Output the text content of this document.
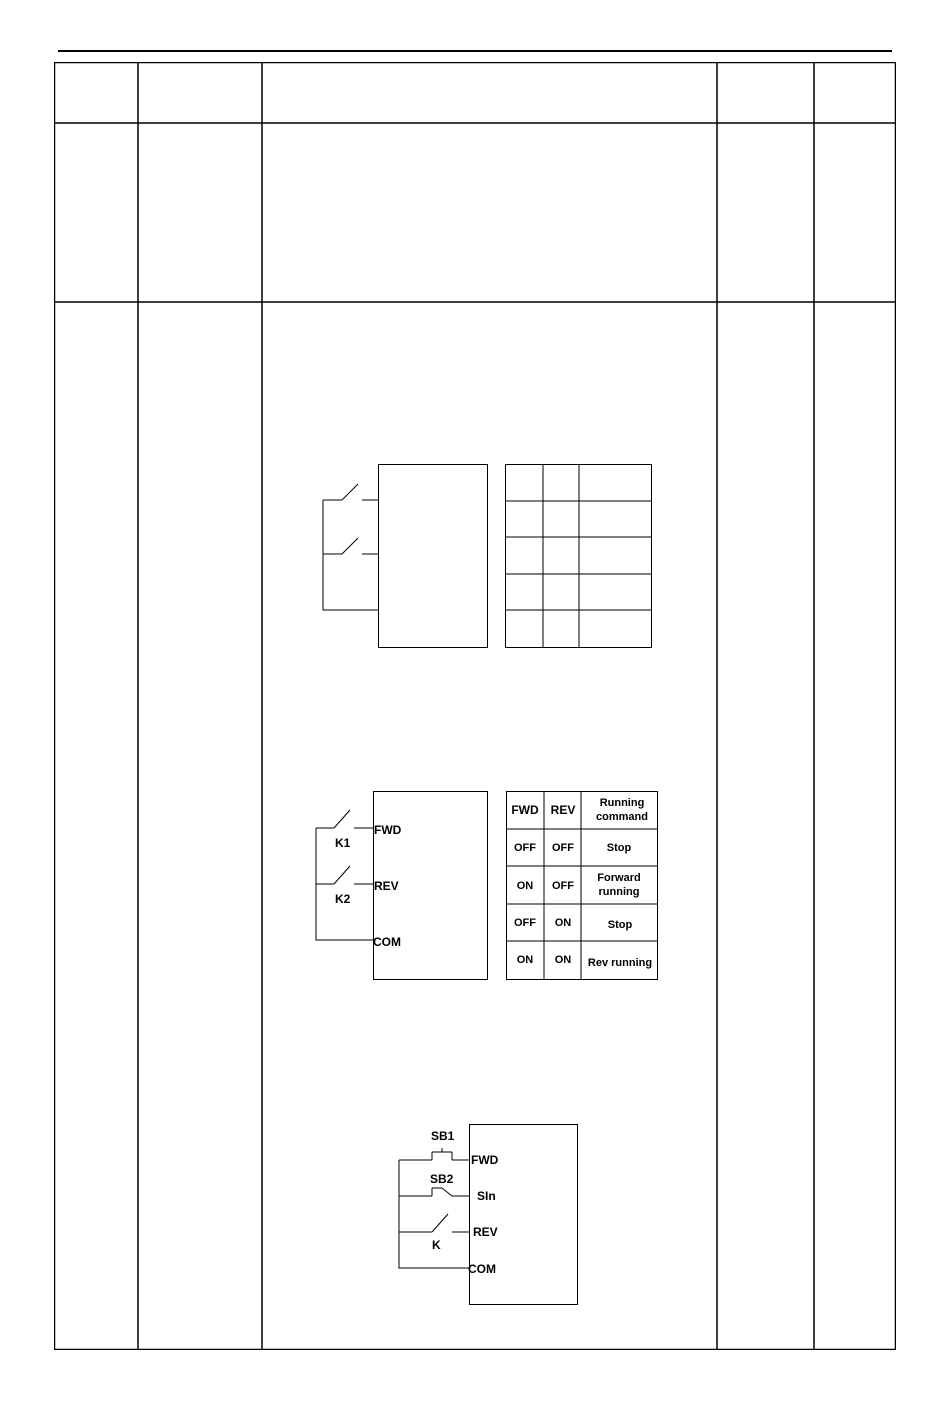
K1
K2
FWD
REV
COM
FWD REV Running
command
OFF OFF	Stop
ON OFF
Forward
running
OFF ON	Stop
ON ON Rev running
SB1
SB2
K
FWD
SIn
REV
COM
